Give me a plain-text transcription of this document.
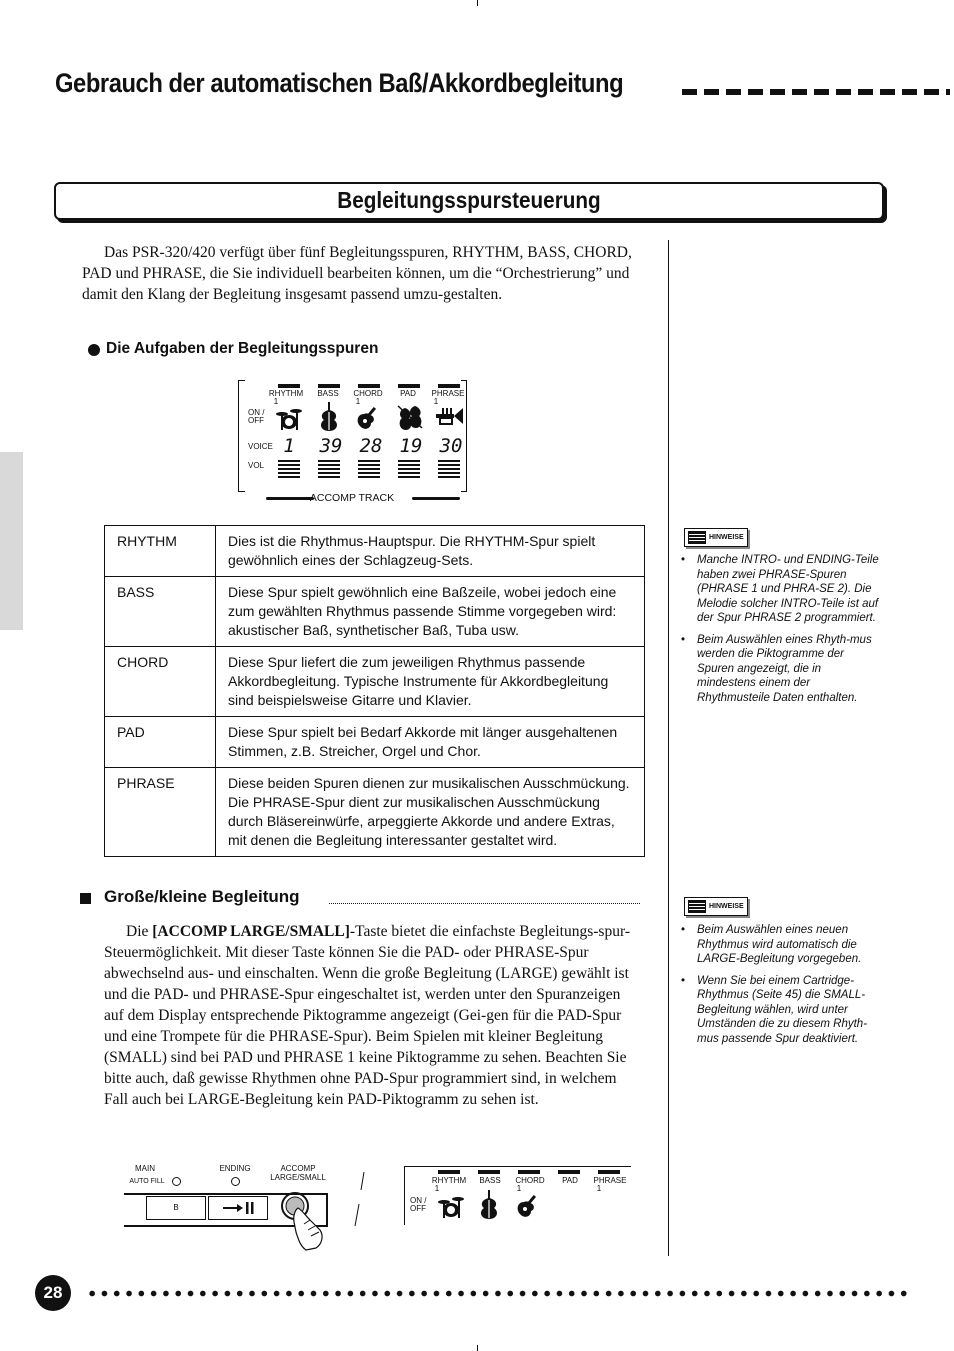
Gebrauch der automatischen Baß/Akkordbegleitung
Begleitungsspursteuerung

Das PSR-320/420 verfügt über fünf Begleitungsspuren, RHYTHM, BASS, CHORD, PAD und PHRASE, die Sie individuell bearbeiten können, um die “Orchestrierung” und damit den Klang der Begleitung insgesamt passend umzu-gestalten.

Die Aufgaben der Begleitungsspuren
RHYTHM	BASS	CHORD	PAD	PHRASE
1	1	1
ON / OFF
VOICE
VOL
1 39 28 19 30
ACCOMP TRACK
RHYTHM	Dies ist die Rhythmus-Hauptspur. Die RHYTHM-Spur spielt gewöhnlich eines der Schlagzeug-Sets.
BASS	Diese Spur spielt gewöhnlich eine Baßzeile, wobei jedoch eine zum gewählten Rhythmus passende Stimme vorgegeben wird: akustischer Baß, synthetischer Baß, Tuba usw.
CHORD	Diese Spur liefert die zum jeweiligen Rhythmus passende Akkordbegleitung. Typische Instrumente für Akkordbegleitung sind beispielsweise Gitarre und Klavier.
PAD	Diese Spur spielt bei Bedarf Akkorde mit länger ausgehaltenen Stimmen, z.B. Streicher, Orgel und Chor.
PHRASE	Diese beiden Spuren dienen zur musikalischen Ausschmückung. Die PHRASE-Spur dient zur musikalischen Ausschmückung durch Bläsereinwürfe, arpeggierte Akkorde und andere Extras, mit denen die Begleitung interessanter gestaltet wird.
HINWEISE
• Manche INTRO- und ENDING-Teile haben zwei PHRASE-Spuren (PHRASE 1 und PHRA-SE 2). Die Melodie solcher INTRO-Teile ist auf der Spur PHRASE 2 programmiert.
• Beim Auswählen eines Rhyth-mus werden die Piktogramme der Spuren angezeigt, die in mindestens einem der Rhythmusteile Daten enthalten.
Große/kleine Begleitung

Die [ACCOMP LARGE/SMALL]-Taste bietet die einfachste Begleitungs-spur-Steuermöglichkeit. Mit dieser Taste können Sie die PAD- oder PHRASE-Spur abwechselnd aus- und einschalten. Wenn die große Begleitung (LARGE) gewählt ist und die PAD- und PHRASE-Spur eingeschaltet ist, werden unter den Spuranzeigen auf dem Display entsprechende Piktogramme angezeigt (Gei-gen für die PAD-Spur und eine Trompete für die PHRASE-Spur). Beim Spielen mit kleiner Begleitung (SMALL) sind bei PAD und PHRASE 1 keine Piktogramme zu sehen. Beachten Sie bitte auch, daß gewisse Rhythmen ohne PAD-Spur programmiert sind, in welchem Fall auch bei LARGE-Begleitung kein PAD-Piktogramm zu sehen ist.

HINWEISE
• Beim Auswählen eines neuen Rhythmus wird automatisch die LARGE-Begleitung vorgegeben.
• Wenn Sie bei einem Cartridge-Rhythmus (Seite 45) die SMALL-Begleitung wählen, wird unter Umständen die zu diesem Rhyth-mus passende Spur deaktiviert.
MAIN
AUTO FILL
ENDING	ACCOMP
LARGE/SMALL
B
RHYTHM	BASS	CHORD	PAD	PHRASE
1	1	1
ON / OFF
28
